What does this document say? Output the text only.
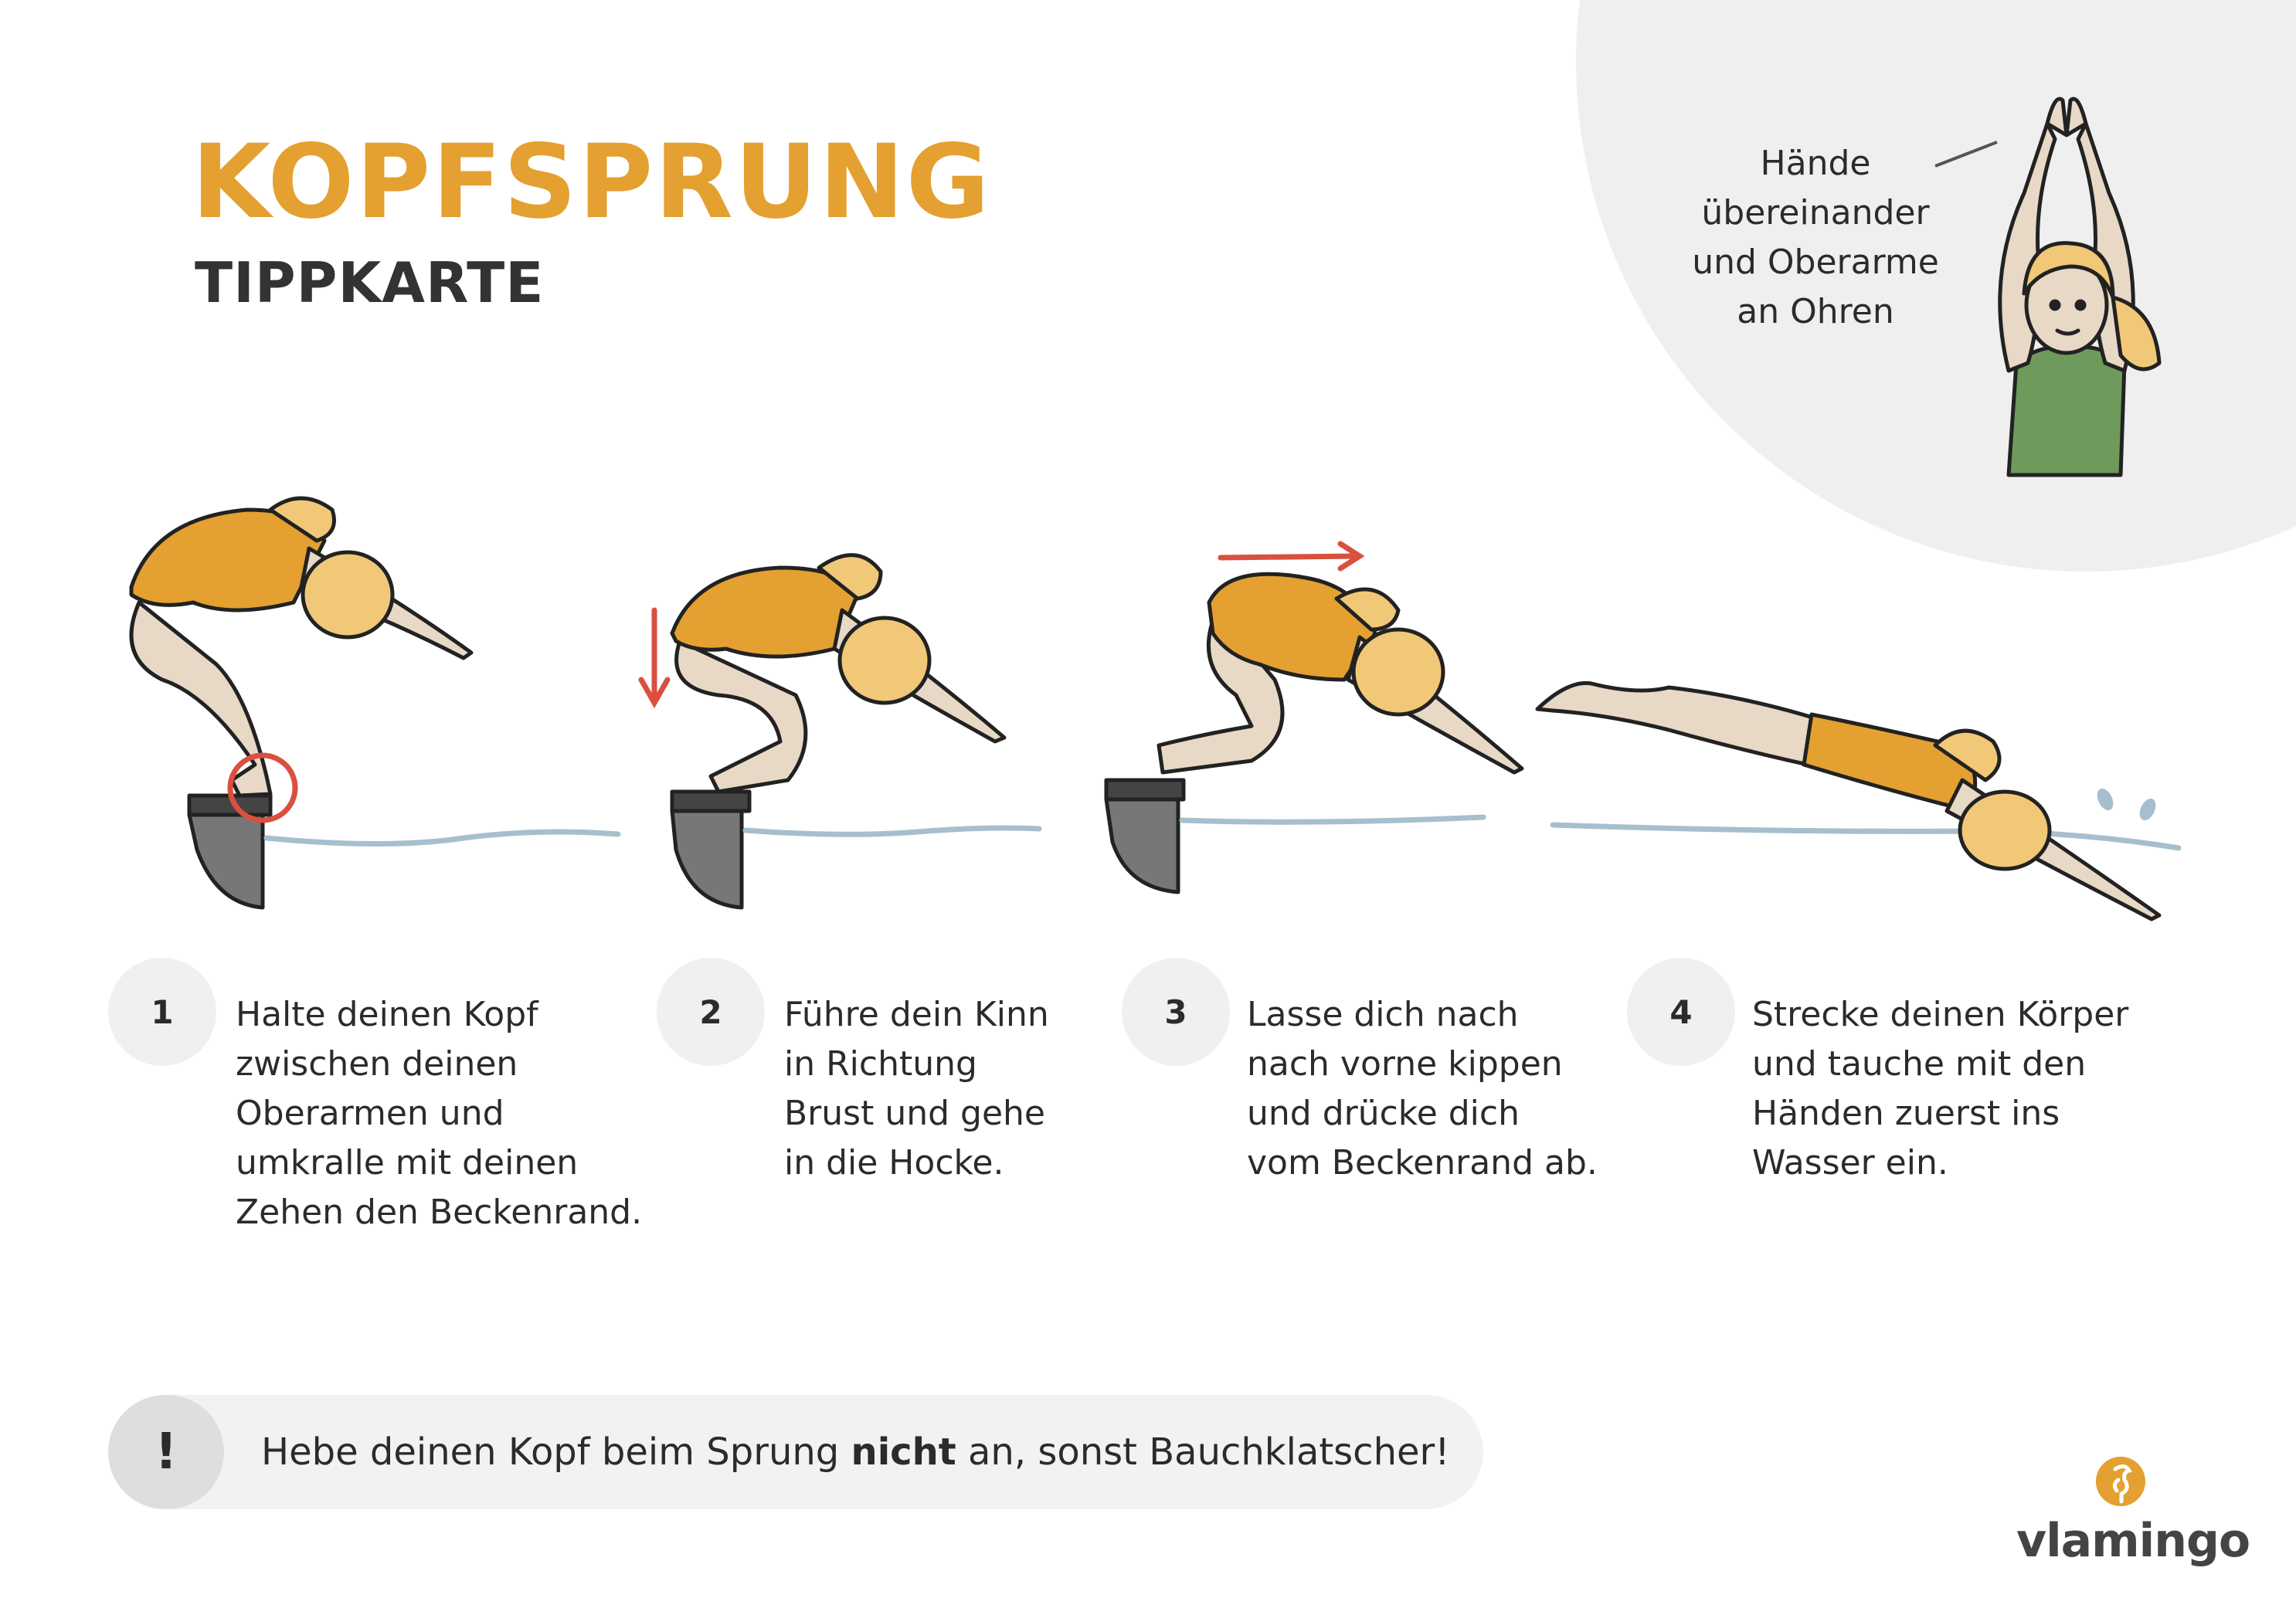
KOPFSPRUNG
TIPPKARTE
Hände
übereinander
und Oberarme
an Ohren
1	Halte deinen Kopf
zwischen deinen
Oberarmen und
umkralle mit deinen
Zehen den Beckenrand.
2	Führe dein Kinn
in Richtung
Brust und gehe
in die Hocke.
3	Lasse dich nach
nach vorne kippen
und drücke dich
vom Beckenrand ab.
4	Strecke deinen Körper
und tauche mit den
Händen zuerst ins
Wasser ein.
!	Hebe deinen Kopf beim Sprung nicht an, sonst Bauchklatscher!
vlamingo
